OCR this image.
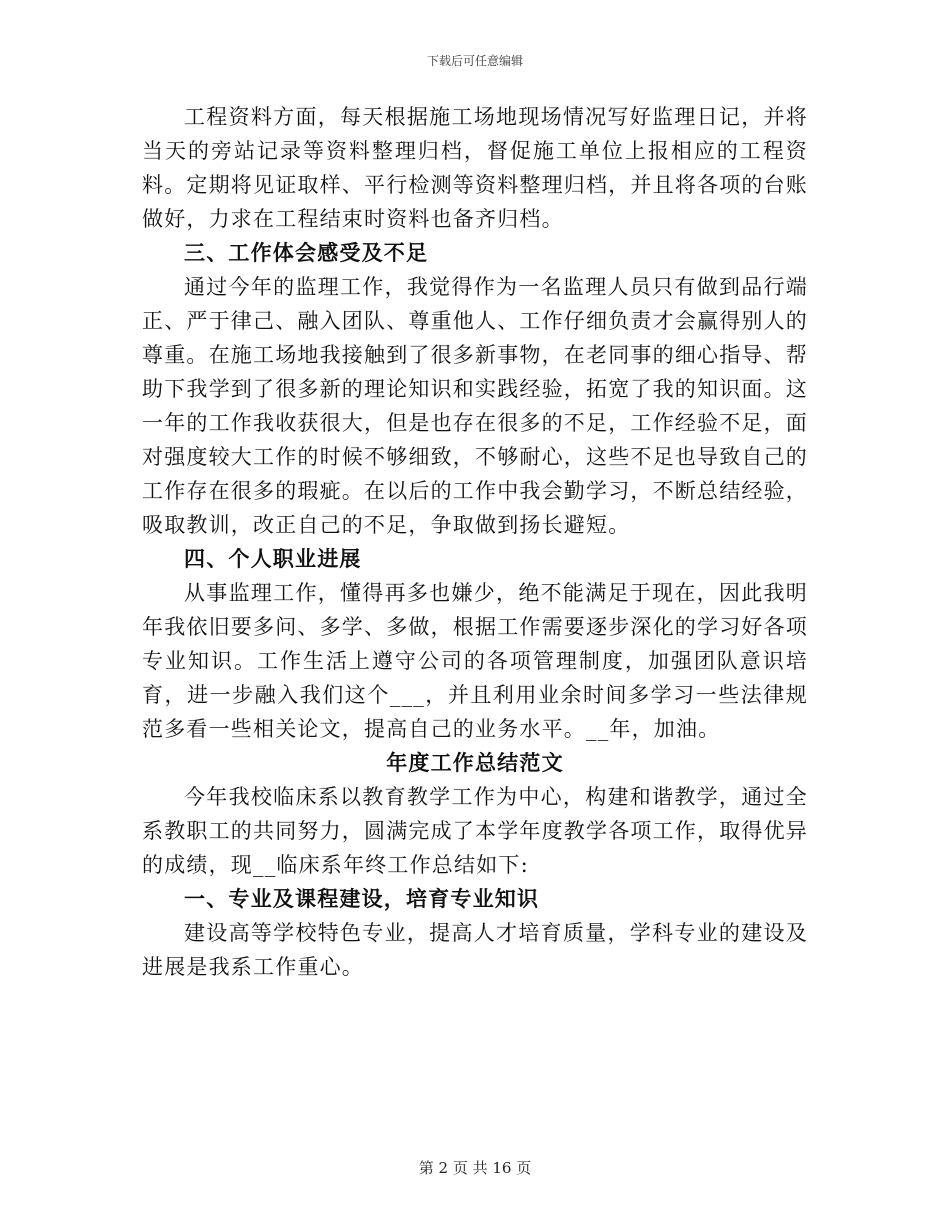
下载后可任意编辑

工程资料方面，每天根据施工场地现场情况写好监理日记，并将当天的旁站记录等资料整理归档，督促施工单位上报相应的工程资料。定期将见证取样、平行检测等资料整理归档，并且将各项的台账做好，力求在工程结束时资料也备齐归档。

三、工作体会感受及不足

通过今年的监理工作，我觉得作为一名监理人员只有做到品行端正、严于律己、融入团队、尊重他人、工作仔细负责才会赢得别人的尊重。在施工场地我接触到了很多新事物，在老同事的细心指导、帮助下我学到了很多新的理论知识和实践经验，拓宽了我的知识面。这一年的工作我收获很大，但是也存在很多的不足，工作经验不足，面对强度较大工作的时候不够细致，不够耐心，这些不足也导致自己的工作存在很多的瑕疵。在以后的工作中我会勤学习，不断总结经验，吸取教训，改正自己的不足，争取做到扬长避短。

四、个人职业进展

从事监理工作，懂得再多也嫌少，绝不能满足于现在，因此我明年我依旧要多问、多学、多做，根据工作需要逐步深化的学习好各项专业知识。工作生活上遵守公司的各项管理制度，加强团队意识培育，进一步融入我们这个___，并且利用业余时间多学习一些法律规范多看一些相关论文，提高自己的业务水平。__年，加油。

年度工作总结范文

今年我校临床系以教育教学工作为中心，构建和谐教学，通过全系教职工的共同努力，圆满完成了本学年度教学各项工作，取得优异的成绩，现__临床系年终工作总结如下:

一、专业及课程建设，培育专业知识

建设高等学校特色专业，提高人才培育质量，学科专业的建设及进展是我系工作重心。

第 2 页 共 16 页
